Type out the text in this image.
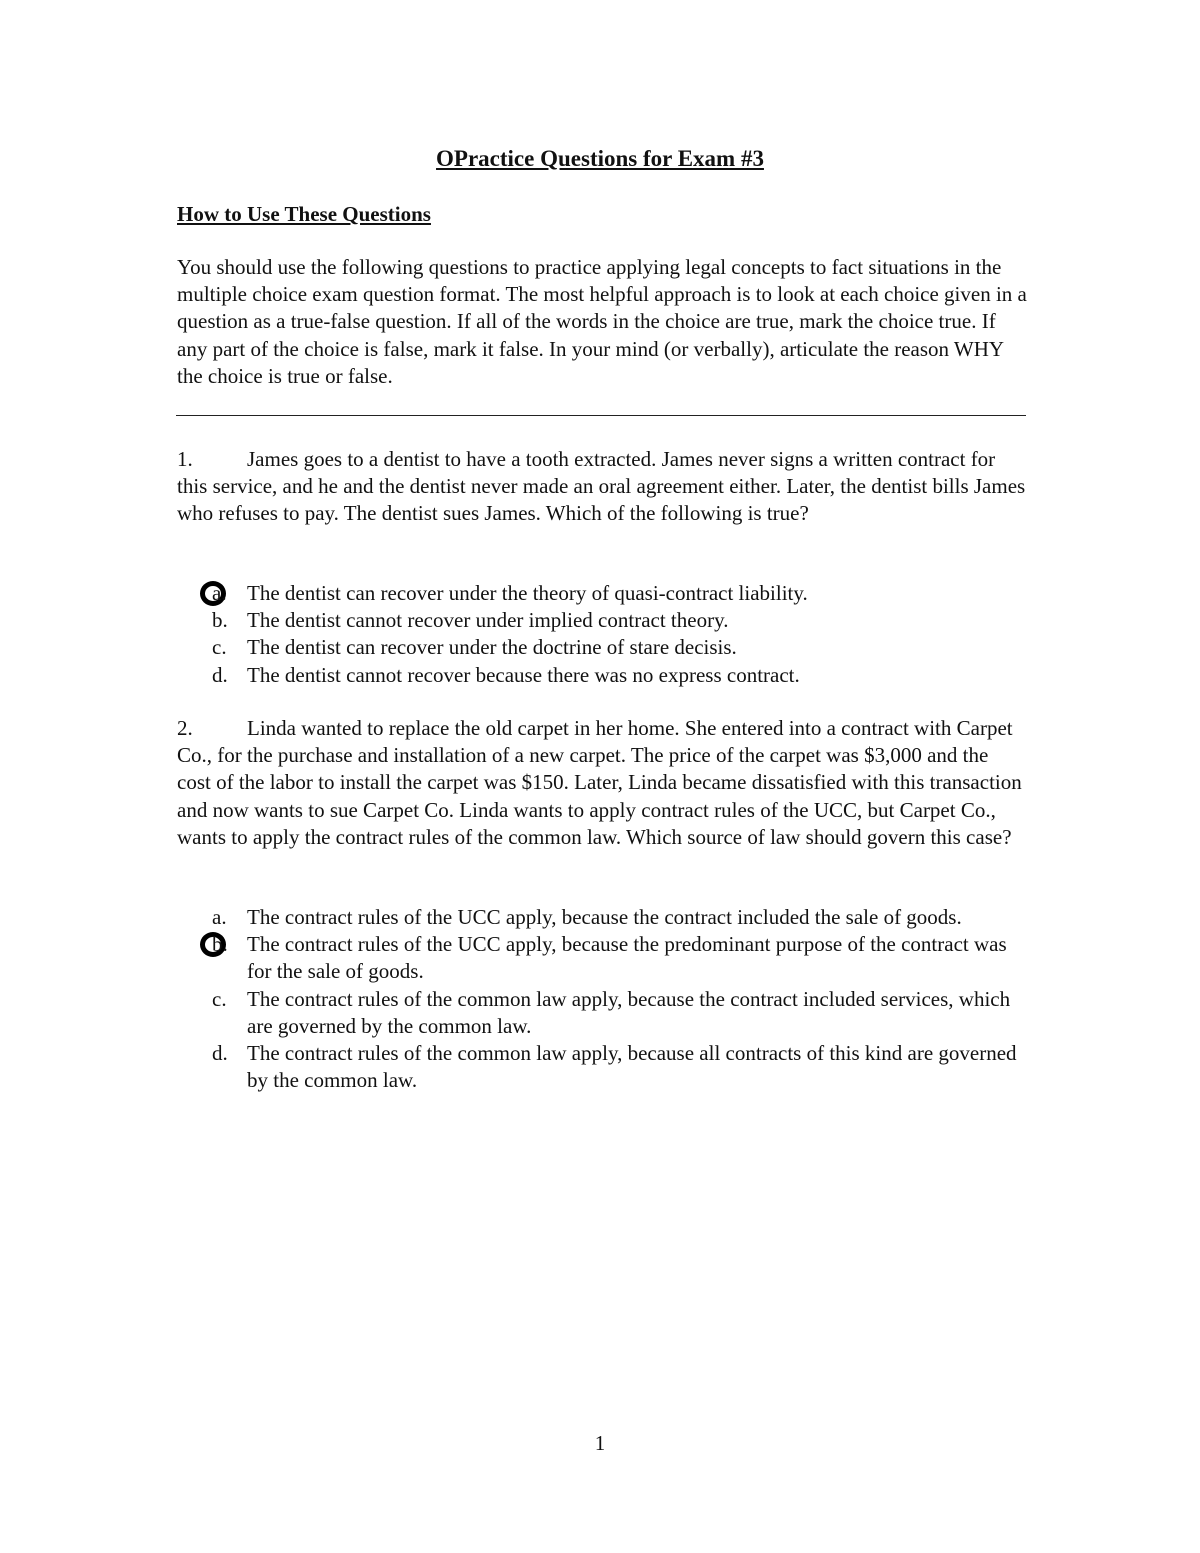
OPractice Questions for Exam #3
How to Use These Questions

You should use the following questions to practice applying legal concepts to fact situations in the multiple choice exam question format. The most helpful approach is to look at each choice given in a question as a true-false question. If all of the words in the choice are true, mark the choice true. If any part of the choice is false, mark it false. In your mind (or verbally), articulate the reason WHY the choice is true or false.

1.	James goes to a dentist to have a tooth extracted. James never signs a written contract for this service, and he and the dentist never made an oral agreement either. Later, the dentist bills James who refuses to pay. The dentist sues James. Which of the following is true?

a. The dentist can recover under the theory of quasi-contract liability.
b. The dentist cannot recover under implied contract theory.
c. The dentist can recover under the doctrine of stare decisis.
d. The dentist cannot recover because there was no express contract.

2.	Linda wanted to replace the old carpet in her home. She entered into a contract with Carpet Co., for the purchase and installation of a new carpet. The price of the carpet was $3,000 and the cost of the labor to install the carpet was $150. Later, Linda became dissatisfied with this transaction and now wants to sue Carpet Co. Linda wants to apply contract rules of the UCC, but Carpet Co., wants to apply the contract rules of the common law. Which source of law should govern this case?

a. The contract rules of the UCC apply, because the contract included the sale of goods.
b. The contract rules of the UCC apply, because the predominant purpose of the contract was for the sale of goods.
c. The contract rules of the common law apply, because the contract included services, which are governed by the common law.
d. The contract rules of the common law apply, because all contracts of this kind are governed by the common law.
1
